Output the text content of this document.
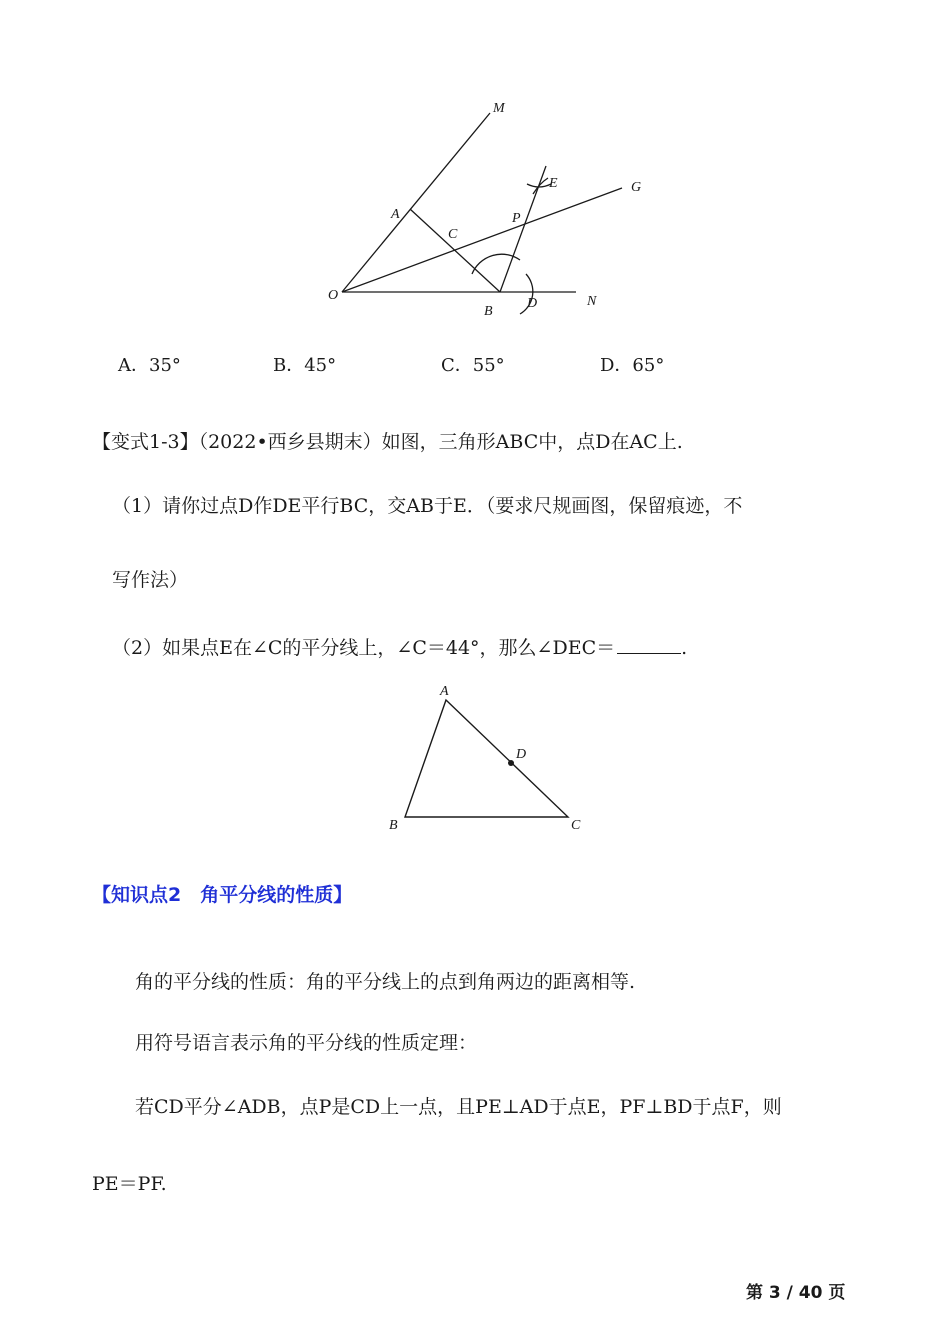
M
E	G
A
C
P
O
B
D	N
A．35°	B．45°	C．55°	D．65°
【变式1-3】（2022•西乡县期末）如图，三角形ABC中，点D在AC上.
（1）请你过点D作DE平行BC，交AB于E．（要求尺规画图，保留痕迹，不
写作法）
（2）如果点E在∠C的平分线上，∠C＝44°，那么∠DEC＝	.
A
D
B	C
【知识点2　角平分线的性质】
角的平分线的性质：角的平分线上的点到角两边的距离相等.
用符号语言表示角的平分线的性质定理：
若CD平分∠ADB，点P是CD上一点，且PE⊥AD于点E，PF⊥BD于点F，则
PE＝PF.
第 3 / 40 页
